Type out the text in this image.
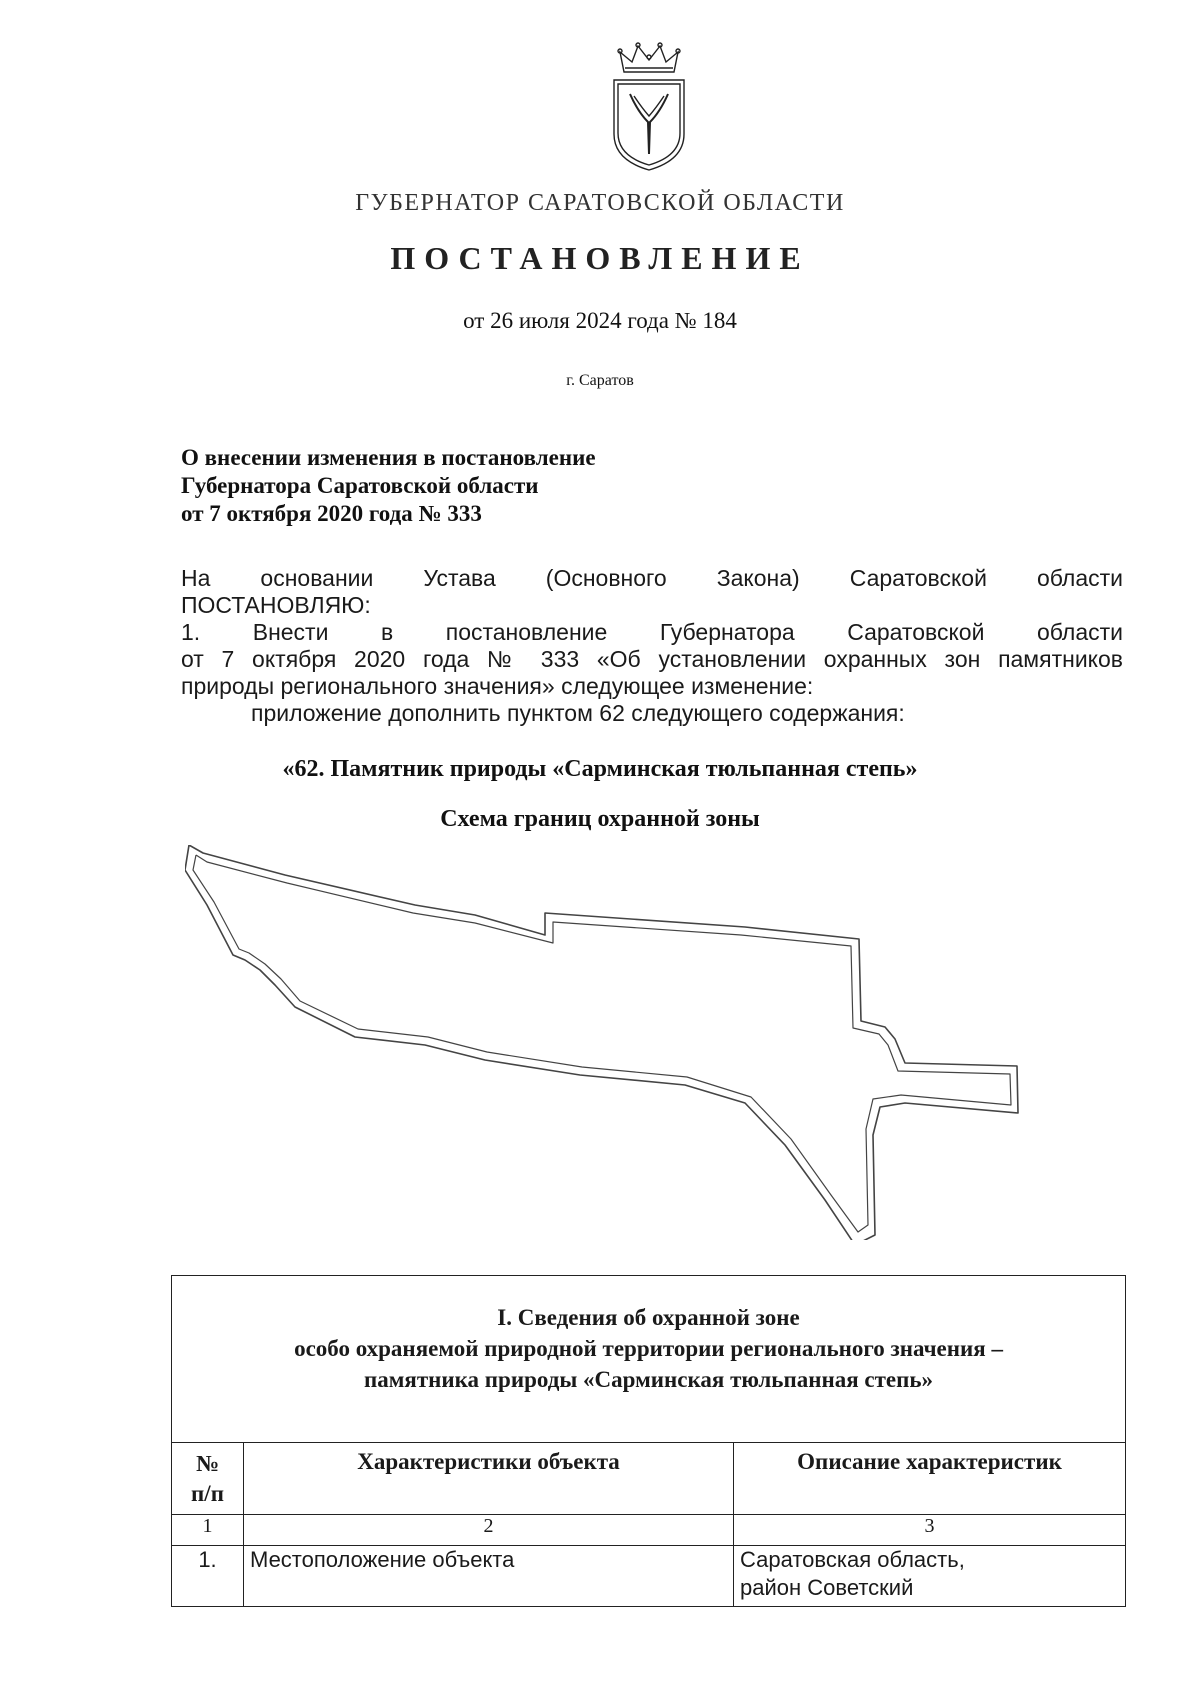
ГУБЕРНАТОР САРАТОВСКОЙ ОБЛАСТИ
ПОСТАНОВЛЕНИЕ
от 26 июля 2024 года № 184
г. Саратов
О внесении изменения в постановление
Губернатора Саратовской области
от 7 октября 2020 года № 333
На основании Устава (Основного Закона) Саратовской области
ПОСТАНОВЛЯЮ:
1. Внести в постановление Губернатора Саратовской области
от 7 октября 2020 года № 333 «Об установлении охранных зон памятников
природы регионального значения» следующее изменение:
приложение дополнить пунктом 62 следующего содержания:
«62. Памятник природы «Сарминская тюльпанная степь»
Схема границ охранной зоны
I. Сведения об охранной зоне
особо охраняемой природной территории регионального значения –
памятника природы «Сарминская тюльпанная степь»		

№
п/п	Характеристики объекта	Описание характеристик
1	2	3
1.	Местоположение объекта	Саратовская область,
район Советский
